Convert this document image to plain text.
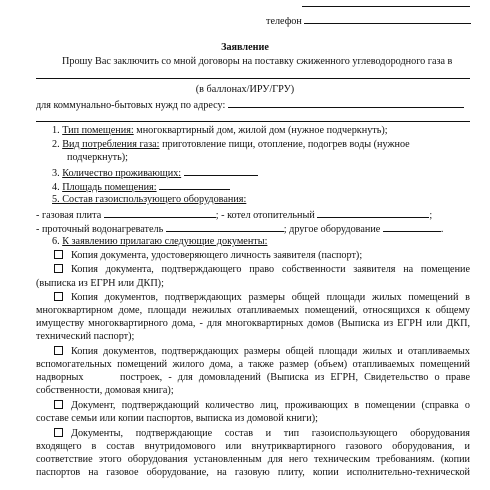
телефон
Заявление
Прошу Вас заключить со мной договоры на поставку сжиженного углеводородного газа в
(в баллонах/ИРУ/ГРУ)
для коммунально-бытовых нужд по адресу:
1. Тип помещения: многоквартирный дом, жилой дом (нужное подчеркнуть);
2. Вид потребления газа: приготовление пищи, отопление, подогрев воды (нужное
подчеркнуть);
3. Количество проживающих:
4. Площадь помещения:
5. Состав газоиспользующего оборудования:
- газовая плита	; - котел отопительный	;
- проточный водонагреватель	; другое оборудование	.
6. К заявлению прилагаю следующие документы:
Копия документа, удостоверяющего личность заявителя (паспорт);
Копия документа, подтверждающего право собственности заявителя на помещение
(выписка из ЕГРН или ДКП);
Копия документов, подтверждающих размеры общей площади жилых помещений в
многоквартирном доме, площади нежилых отапливаемых помещений, относящихся к общему
имуществу многоквартирного дома, - для многоквартирных домов (Выписка из ЕГРН или ДКП,
технический паспорт);
Копия документов, подтверждающих размеры общей площади жилых и отапливаемых
вспомогательных помещений жилого дома, а также размер (объем) отапливаемых помещений
надворных	построек, - для домовладений (Выписка из ЕГРН, Свидетельство о праве
собственности, домовая книга);
Документ, подтверждающий количество лиц, проживающих в помещении (справка о
составе семьи или копии паспортов, выписка из домовой книги);
Документы, подтверждающие состав и тип газоиспользующего оборудования
входящего в состав внутридомового или внутриквартирного газового оборудования, и
соответствие этого оборудования установленным для него техническим требованиям. (копии
паспортов на газовое оборудование, на газовую плиту, копии исполнительно-технической
